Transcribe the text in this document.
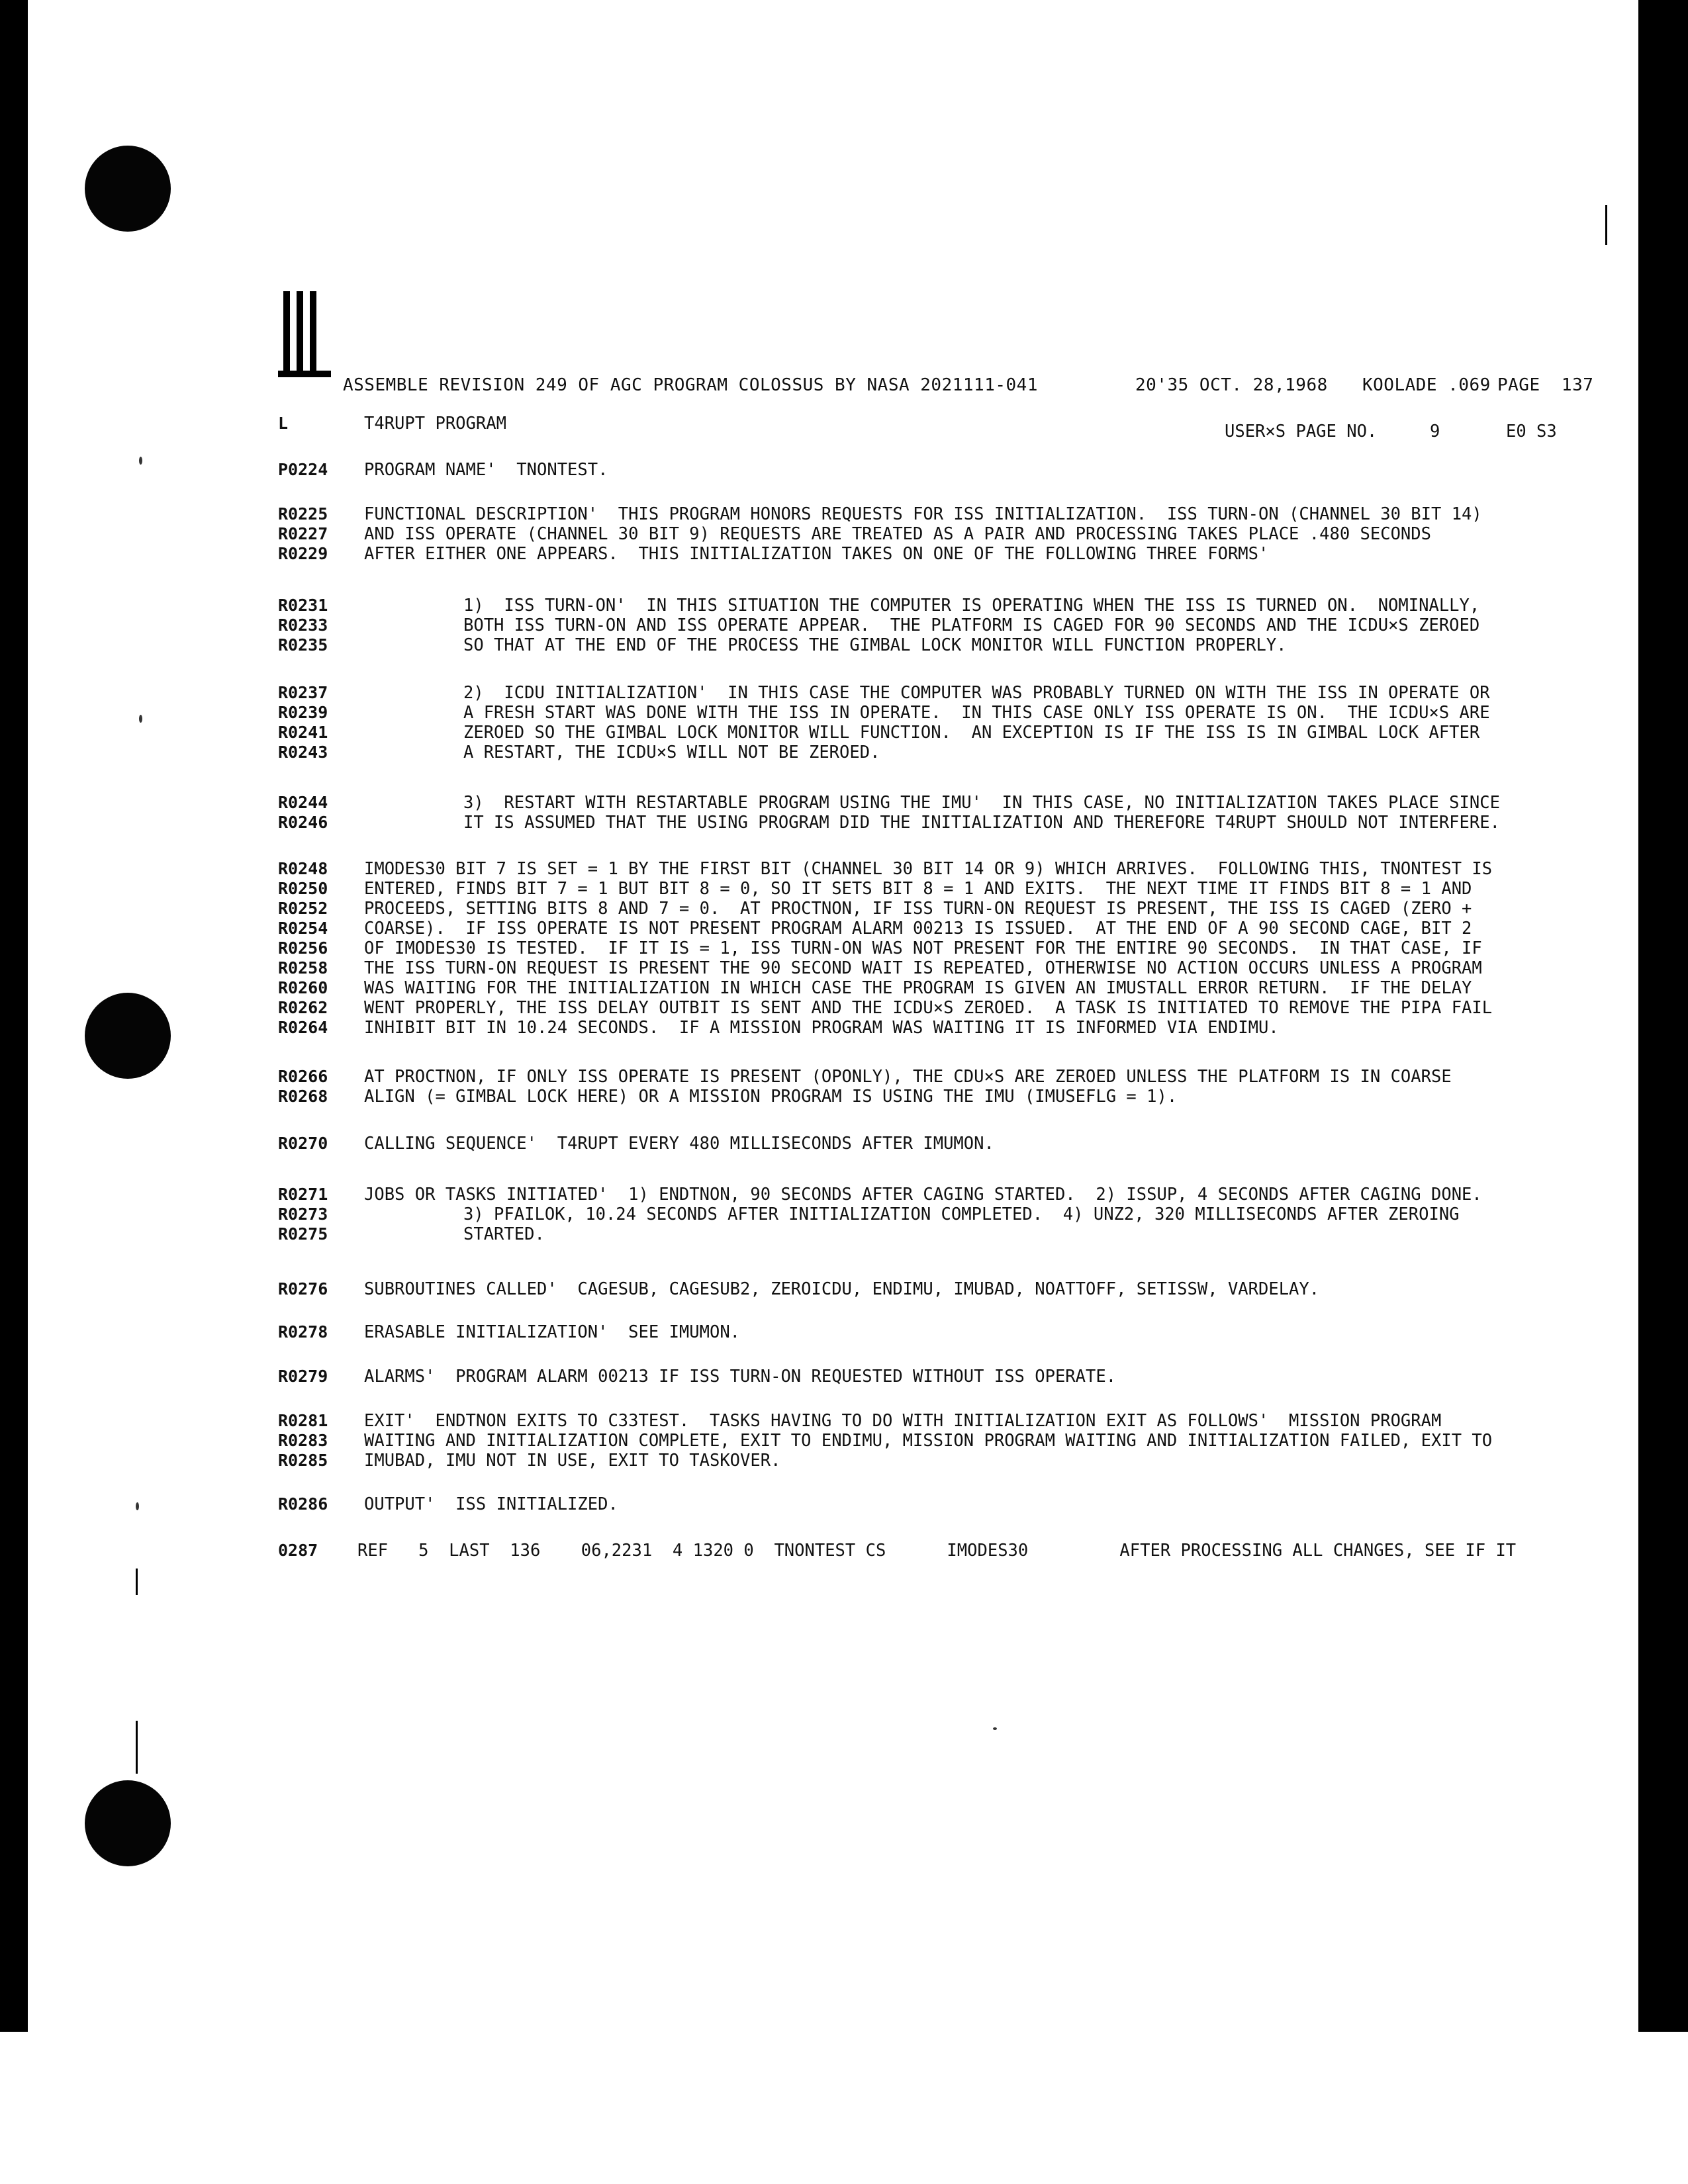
ASSEMBLE REVISION 249 OF AGC PROGRAM COLOSSUS BY NASA 2021111-041	20'35 OCT. 28,1968	KOOLADE .069 PAGE  137
L	T4RUPT PROGRAM	USER×S PAGE NO.	9	E0 S3
P0224	PROGRAM NAME'  TNONTEST.
R0225	FUNCTIONAL DESCRIPTION'  THIS PROGRAM HONORS REQUESTS FOR ISS INITIALIZATION.  ISS TURN-ON (CHANNEL 30 BIT 14)
R0227	AND ISS OPERATE (CHANNEL 30 BIT 9) REQUESTS ARE TREATED AS A PAIR AND PROCESSING TAKES PLACE .480 SECONDS
R0229	AFTER EITHER ONE APPEARS.  THIS INITIALIZATION TAKES ON ONE OF THE FOLLOWING THREE FORMS'
R0231	1)  ISS TURN-ON'  IN THIS SITUATION THE COMPUTER IS OPERATING WHEN THE ISS IS TURNED ON.  NOMINALLY,
R0233	BOTH ISS TURN-ON AND ISS OPERATE APPEAR.  THE PLATFORM IS CAGED FOR 90 SECONDS AND THE ICDU×S ZEROED
R0235	SO THAT AT THE END OF THE PROCESS THE GIMBAL LOCK MONITOR WILL FUNCTION PROPERLY.
R0237	2)  ICDU INITIALIZATION'  IN THIS CASE THE COMPUTER WAS PROBABLY TURNED ON WITH THE ISS IN OPERATE OR
R0239	A FRESH START WAS DONE WITH THE ISS IN OPERATE.  IN THIS CASE ONLY ISS OPERATE IS ON.  THE ICDU×S ARE
R0241	ZEROED SO THE GIMBAL LOCK MONITOR WILL FUNCTION.  AN EXCEPTION IS IF THE ISS IS IN GIMBAL LOCK AFTER
R0243	A RESTART, THE ICDU×S WILL NOT BE ZEROED.
R0244	3)  RESTART WITH RESTARTABLE PROGRAM USING THE IMU'  IN THIS CASE, NO INITIALIZATION TAKES PLACE SINCE
R0246	IT IS ASSUMED THAT THE USING PROGRAM DID THE INITIALIZATION AND THEREFORE T4RUPT SHOULD NOT INTERFERE.
R0248	IMODES30 BIT 7 IS SET = 1 BY THE FIRST BIT (CHANNEL 30 BIT 14 OR 9) WHICH ARRIVES.  FOLLOWING THIS, TNONTEST IS
R0250	ENTERED, FINDS BIT 7 = 1 BUT BIT 8 = 0, SO IT SETS BIT 8 = 1 AND EXITS.  THE NEXT TIME IT FINDS BIT 8 = 1 AND
R0252	PROCEEDS, SETTING BITS 8 AND 7 = 0.  AT PROCTNON, IF ISS TURN-ON REQUEST IS PRESENT, THE ISS IS CAGED (ZERO +
R0254	COARSE).  IF ISS OPERATE IS NOT PRESENT PROGRAM ALARM 00213 IS ISSUED.  AT THE END OF A 90 SECOND CAGE, BIT 2
R0256	OF IMODES30 IS TESTED.  IF IT IS = 1, ISS TURN-ON WAS NOT PRESENT FOR THE ENTIRE 90 SECONDS.  IN THAT CASE, IF
R0258	THE ISS TURN-ON REQUEST IS PRESENT THE 90 SECOND WAIT IS REPEATED, OTHERWISE NO ACTION OCCURS UNLESS A PROGRAM
R0260	WAS WAITING FOR THE INITIALIZATION IN WHICH CASE THE PROGRAM IS GIVEN AN IMUSTALL ERROR RETURN.  IF THE DELAY
R0262	WENT PROPERLY, THE ISS DELAY OUTBIT IS SENT AND THE ICDU×S ZEROED.  A TASK IS INITIATED TO REMOVE THE PIPA FAIL
R0264	INHIBIT BIT IN 10.24 SECONDS.  IF A MISSION PROGRAM WAS WAITING IT IS INFORMED VIA ENDIMU.
R0266	AT PROCTNON, IF ONLY ISS OPERATE IS PRESENT (OPONLY), THE CDU×S ARE ZEROED UNLESS THE PLATFORM IS IN COARSE
R0268	ALIGN (= GIMBAL LOCK HERE) OR A MISSION PROGRAM IS USING THE IMU (IMUSEFLG = 1).
R0270	CALLING SEQUENCE'  T4RUPT EVERY 480 MILLISECONDS AFTER IMUMON.
R0271	JOBS OR TASKS INITIATED'  1) ENDTNON, 90 SECONDS AFTER CAGING STARTED.  2) ISSUP, 4 SECONDS AFTER CAGING DONE.
R0273	3) PFAILOK, 10.24 SECONDS AFTER INITIALIZATION COMPLETED.  4) UNZ2, 320 MILLISECONDS AFTER ZEROING
R0275	STARTED.
R0276	SUBROUTINES CALLED'  CAGESUB, CAGESUB2, ZEROICDU, ENDIMU, IMUBAD, NOATTOFF, SETISSW, VARDELAY.
R0278	ERASABLE INITIALIZATION'  SEE IMUMON.
R0279	ALARMS'  PROGRAM ALARM 00213 IF ISS TURN-ON REQUESTED WITHOUT ISS OPERATE.
R0281	EXIT'  ENDTNON EXITS TO C33TEST.  TASKS HAVING TO DO WITH INITIALIZATION EXIT AS FOLLOWS'  MISSION PROGRAM
R0283	WAITING AND INITIALIZATION COMPLETE, EXIT TO ENDIMU, MISSION PROGRAM WAITING AND INITIALIZATION FAILED, EXIT TO
R0285	IMUBAD, IMU NOT IN USE, EXIT TO TASKOVER.
R0286	OUTPUT'  ISS INITIALIZED.
0287	REF   5  LAST  136    06,2231  4 1320 0  TNONTEST CS      IMODES30         AFTER PROCESSING ALL CHANGES, SEE IF IT
